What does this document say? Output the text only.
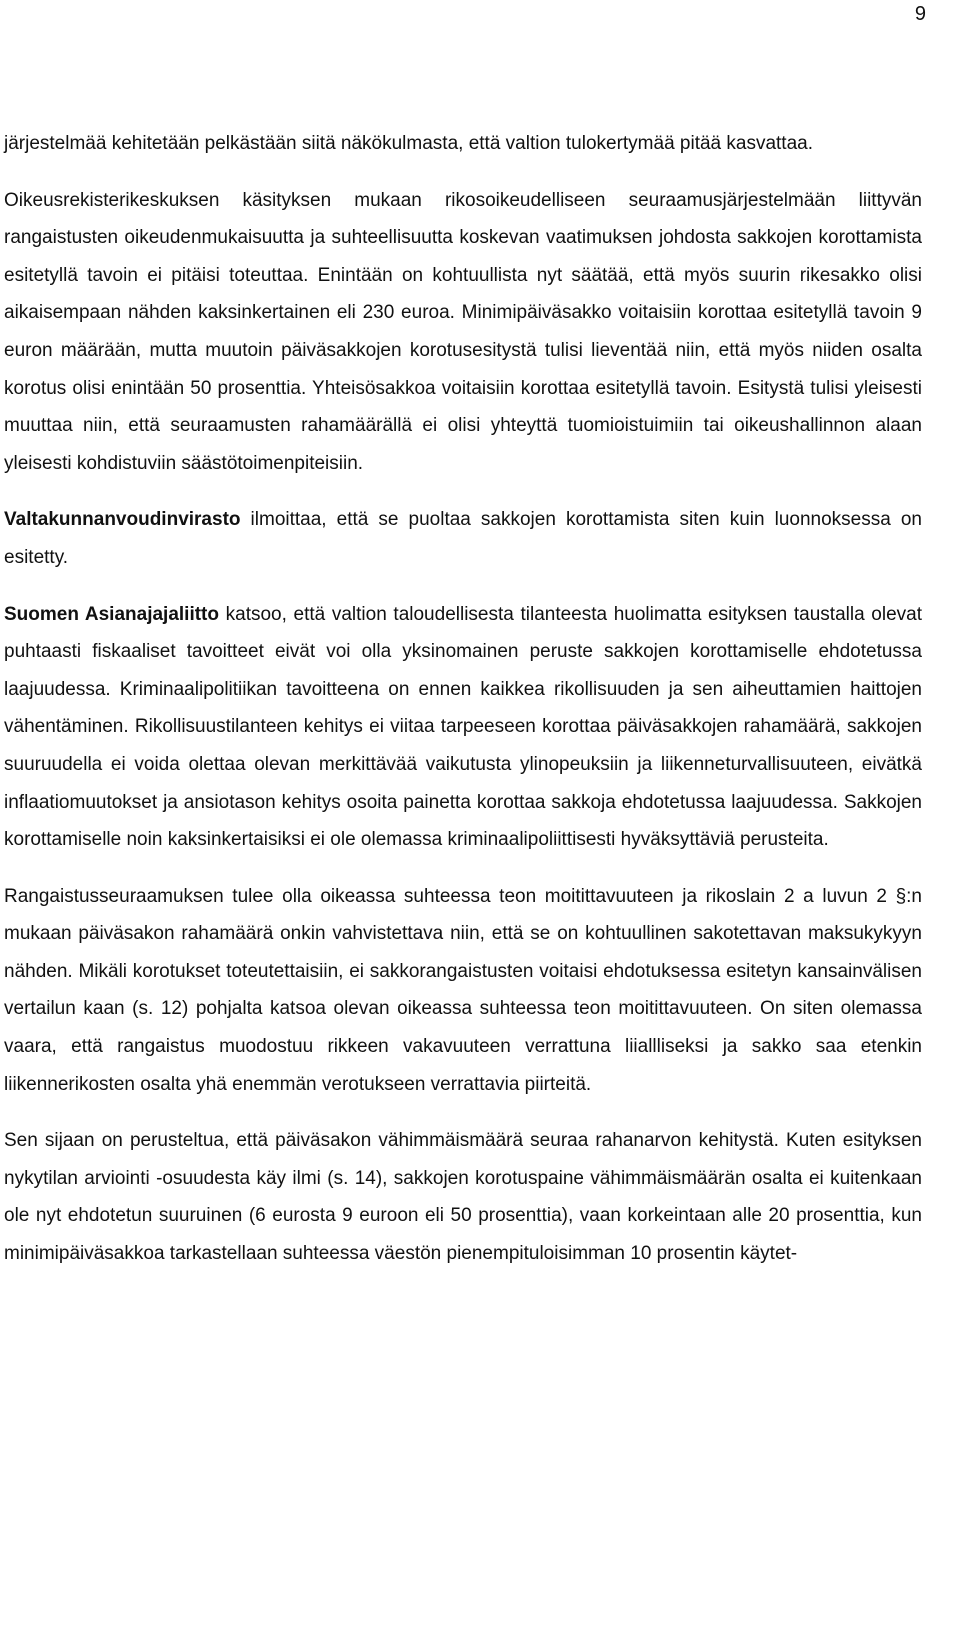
9

järjestelmää kehitetään pelkästään siitä näkökulmasta, että valtion tulokertymää pitää kasvattaa.

Oikeusrekisterikeskuksen käsityksen mukaan rikosoikeudelliseen seuraamusjärjestelmään liittyvän rangaistusten oikeudenmukaisuutta ja suhteellisuutta koskevan vaatimuksen johdosta sakkojen korottamista esitetyllä tavoin ei pitäisi toteuttaa. Enintään on kohtuullista nyt säätää, että myös suurin rikesakko olisi aikaisempaan nähden kaksinkertainen eli 230 euroa. Minimipäiväsakko voitaisiin korottaa esitetyllä tavoin 9 euron määrään, mutta muutoin päiväsakkojen korotusesitystä tulisi lieventää niin, että myös niiden osalta korotus olisi enintään 50 prosenttia. Yhteisösakkoa voitaisiin korottaa esitetyllä tavoin. Esitystä tulisi yleisesti muuttaa niin, että seuraamusten rahamäärällä ei olisi yhteyttä tuomioistuimiin tai oikeushallinnon alaan yleisesti kohdistuviin säästötoimenpiteisiin.

Valtakunnanvoudinvirasto ilmoittaa, että se puoltaa sakkojen korottamista siten kuin luonnoksessa on esitetty.

Suomen Asianajajaliitto katsoo, että valtion taloudellisesta tilanteesta huolimatta esityksen taustalla olevat puhtaasti fiskaaliset tavoitteet eivät voi olla yksinomainen peruste sakkojen korottamiselle ehdotetussa laajuudessa. Kriminaalipolitiikan tavoitteena on ennen kaikkea rikollisuuden ja sen aiheuttamien haittojen vähentäminen. Rikollisuustilanteen kehitys ei viitaa tarpeeseen korottaa päiväsakkojen rahamäärä, sakkojen suuruudella ei voida olettaa olevan merkittävää vaikutusta ylinopeuksiin ja liikenneturvallisuuteen, eivätkä inflaatiomuutokset ja ansiotason kehitys osoita painetta korottaa sakkoja ehdotetussa laajuudessa. Sakkojen korottamiselle noin kaksinkertaisiksi ei ole olemassa kriminaalipoliittisesti hyväksyttäviä perusteita.

Rangaistusseuraamuksen tulee olla oikeassa suhteessa teon moitittavuuteen ja rikoslain 2 a luvun 2 §:n mukaan päiväsakon rahamäärä onkin vahvistettava niin, että se on kohtuullinen sakotettavan maksukykyyn nähden. Mikäli korotukset toteutettaisiin, ei sakkorangaistusten voitaisi ehdotuksessa esitetyn kansainvälisen vertailun kaan (s. 12) pohjalta katsoa olevan oikeassa suhteessa teon moitittavuuteen. On siten olemassa vaara, että rangaistus muodostuu rikkeen vakavuuteen verrattuna liiallliseksi ja sakko saa etenkin liikennerikosten osalta yhä enemmän verotukseen verrattavia piirteitä.

Sen sijaan on perusteltua, että päiväsakon vähimmäismäärä seuraa rahanarvon kehitystä. Kuten esityksen nykytilan arviointi -osuudesta käy ilmi (s. 14), sakkojen korotuspaine vähimmäismäärän osalta ei kuitenkaan ole nyt ehdotetun suuruinen (6 eurosta 9 euroon eli 50 prosenttia), vaan korkeintaan alle 20 prosenttia, kun minimipäiväsakkoa tarkastellaan suhteessa väestön pienempituloisimman 10 prosentin käytet-
